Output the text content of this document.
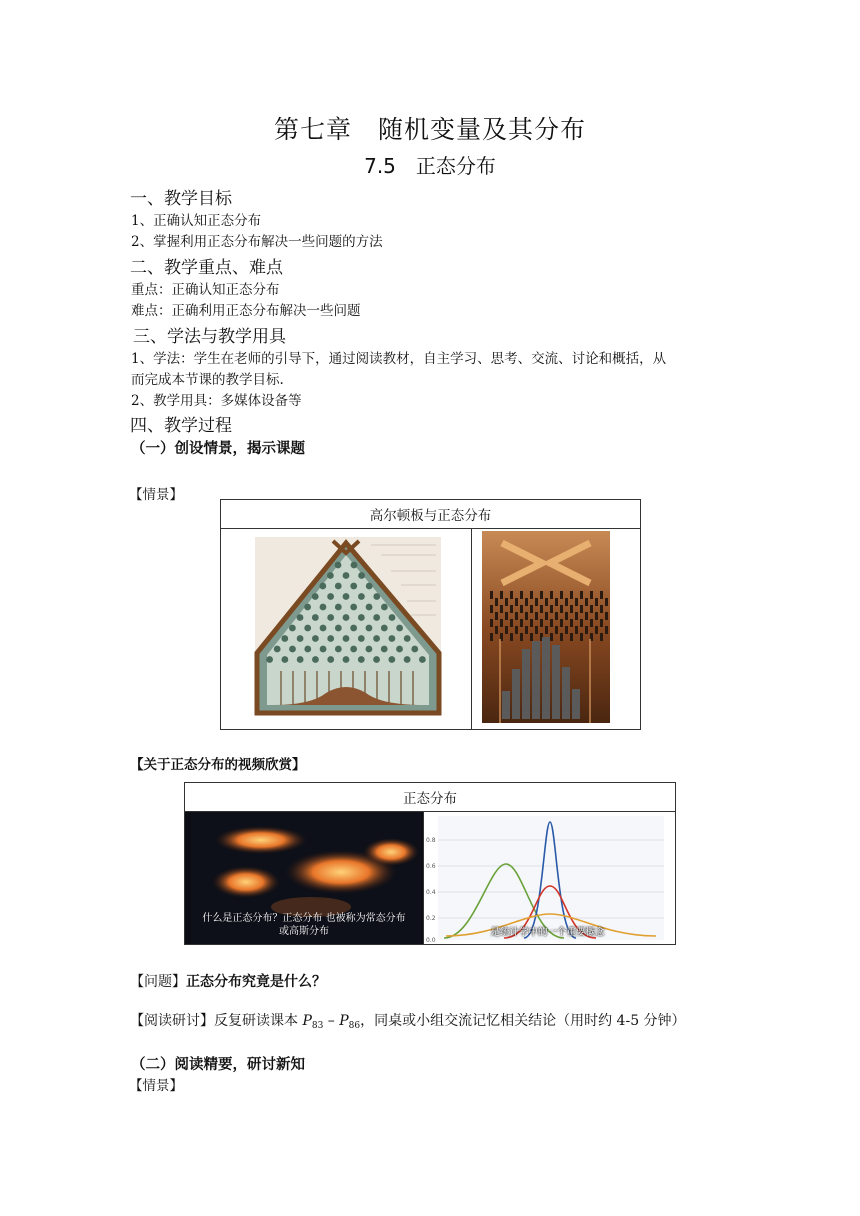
第七章　随机变量及其分布
7.5　正态分布
一、教学目标
1、正确认知正态分布
2、掌握利用正态分布解决一些问题的方法
二、教学重点、难点
重点：正确认知正态分布
难点：正确利用正态分布解决一些问题
三、学法与教学用具
1、学法：学生在老师的引导下，通过阅读教材，自主学习、思考、交流、讨论和概括，从
而完成本节课的教学目标.
2、教学用具：多媒体设备等
四、教学过程
（一）创设情景，揭示课题
【情景】
高尔顿板与正态分布

【关于正态分布的视频欣赏】
正态分布

什么是正态分布？正态分布 也被称为常态分布
或高斯分布

0.8
0.6
0.4
0.2
0.0
是统计学中的一个重要概念
【问题】正态分布究竟是什么？
【阅读研讨】反复研读课本 $P_{83} - P_{86}$，同桌或小组交流记忆相关结论（用时约 4-5 分钟）
（二）阅读精要，研讨新知
【情景】
